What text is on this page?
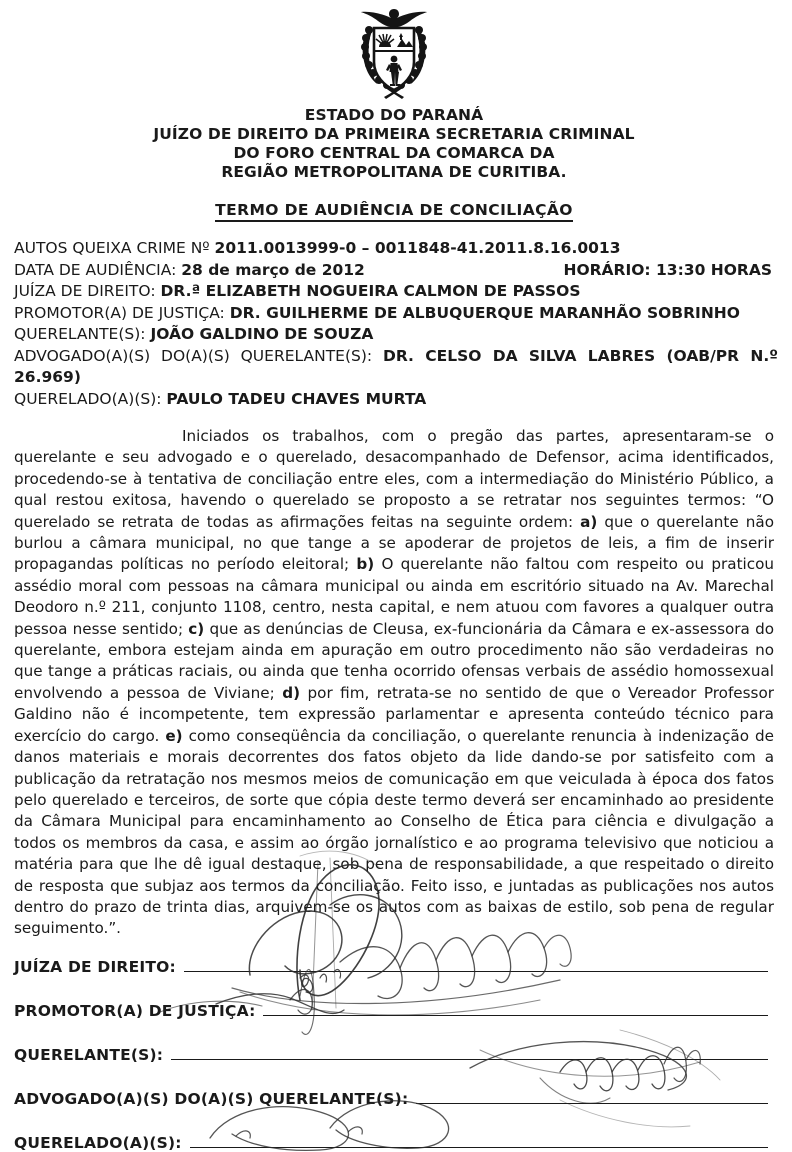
ESTADO DO PARANÁ
JUÍZO DE DIREITO DA PRIMEIRA SECRETARIA CRIMINAL
DO FORO CENTRAL DA COMARCA DA
REGIÃO METROPOLITANA DE CURITIBA.
TERMO DE AUDIÊNCIA DE CONCILIAÇÃO
AUTOS QUEIXA CRIME Nº 2011.0013999-0 – 0011848-41.2011.8.16.0013
DATA DE AUDIÊNCIA: 28 de março de 2012	HORÁRIO: 13:30 HORAS
JUÍZA DE DIREITO: DR.ª ELIZABETH NOGUEIRA CALMON DE PASSOS
PROMOTOR(A) DE JUSTIÇA: DR. GUILHERME DE ALBUQUERQUE MARANHÃO SOBRINHO
QUERELANTE(S): JOÃO GALDINO DE SOUZA
ADVOGADO(A)(S) DO(A)(S) QUERELANTE(S): DR. CELSO DA SILVA LABRES (OAB/PR N.º 26.969)
QUERELADO(A)(S): PAULO TADEU CHAVES MURTA
Iniciados os trabalhos, com o pregão das partes, apresentaram-se o querelante e seu advogado e o querelado, desacompanhado de Defensor, acima identificados, procedendo-se à tentativa de conciliação entre eles, com a intermediação do Ministério Público, a qual restou exitosa, havendo o querelado se proposto a se retratar nos seguintes termos: “O querelado se retrata de todas as afirmações feitas na seguinte ordem: a) que o querelante não burlou a câmara municipal, no que tange a se apoderar de projetos de leis, a fim de inserir propagandas políticas no período eleitoral; b) O querelante não faltou com respeito ou praticou assédio moral com pessoas na câmara municipal ou ainda em escritório situado na Av. Marechal Deodoro n.º 211, conjunto 1108, centro, nesta capital, e nem atuou com favores a qualquer outra pessoa nesse sentido; c) que as denúncias de Cleusa, ex-funcionária da Câmara e ex-assessora do querelante, embora estejam ainda em apuração em outro procedimento não são verdadeiras no que tange a práticas raciais, ou ainda que tenha ocorrido ofensas verbais de assédio homossexual envolvendo a pessoa de Viviane; d) por fim, retrata-se no sentido de que o Vereador Professor Galdino não é incompetente, tem expressão parlamentar e apresenta conteúdo técnico para exercício do cargo. e) como conseqüência da conciliação, o querelante renuncia à indenização de danos materiais e morais decorrentes dos fatos objeto da lide dando-se por satisfeito com a publicação da retratação nos mesmos meios de comunicação em que veiculada à época dos fatos pelo querelado e terceiros, de sorte que cópia deste termo deverá ser encaminhado ao presidente da Câmara Municipal para encaminhamento ao Conselho de Ética para ciência e divulgação a todos os membros da casa, e assim ao órgão jornalístico e ao programa televisivo que noticiou a matéria para que lhe dê igual destaque, sob pena de responsabilidade, a que respeitado o direito de resposta que subjaz aos termos da conciliação. Feito isso, e juntadas as publicações nos autos dentro do prazo de trinta dias, arquivem-se os autos com as baixas de estilo, sob pena de regular seguimento.”.
JUÍZA DE DIREITO:
PROMOTOR(A) DE JUSTIÇA:
QUERELANTE(S):
ADVOGADO(A)(S) DO(A)(S) QUERELANTE(S):
QUERELADO(A)(S):
